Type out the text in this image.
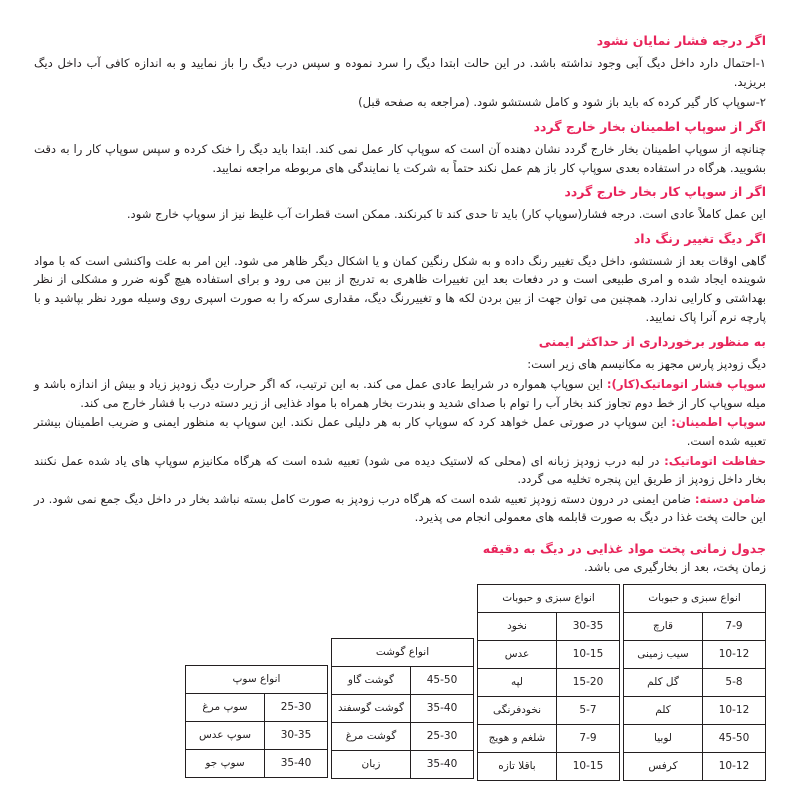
اگر درجه فشار نمایان نشود

۱-احتمال دارد داخل دیگ آبی وجود نداشته باشد. در این حالت ابتدا دیگ را سرد نموده و سپس درب دیگ را باز نمایید و به اندازه کافی آب داخل دیگ بریزید.

۲-سوپاپ کار گیر کرده که باید باز شود و کامل شستشو شود. (مراجعه به صفحه قبل)

اگر از سوپاپ اطمینان بخار خارج گردد

چنانچه از سوپاپ اطمینان بخار خارج گردد نشان دهنده آن است که سوپاپ کار عمل نمی کند. ابتدا باید دیگ را خنک کرده و سپس سوپاپ کار را به دقت بشویید. هرگاه در استفاده بعدی سوپاپ کار باز هم عمل نکند حتماً به شرکت یا نمایندگی های مربوطه مراجعه نمایید.

اگر از سوپاپ کار بخار خارج گردد

این عمل کاملاً عادی است. درجه فشار(سوپاپ کار) باید تا حدی کند تا کبرنکند. ممکن است قطرات آب غلیظ نیز از سوپاپ خارج شود.

اگر دیگ تغییر رنگ داد

گاهی اوقات بعد از شستشو، داخل دیگ تغییر رنگ داده و به شکل رنگین کمان و یا اشکال دیگر ظاهر می شود. این امر به علت واکنشی است که با مواد شوینده ایجاد شده و امری طبیعی است و در دفعات بعد این تغییرات ظاهری به تدریج از بین می رود و برای استفاده هیچ گونه ضرر و مشکلی از نظر بهداشتی و کارایی ندارد. همچنین می توان جهت از بین بردن لکه ها و تغییررنگ دیگ، مقداری سرکه را به صورت اسپری روی وسیله مورد نظر بپاشید و با پارچه نرم آنرا پاک نمایید.

به منظور برخورداری از حداکثر ایمنی

دیگ زودپز پارس مجهز به مکانیسم های زیر است:

سوپاپ فشار اتوماتیک(کار): این سوپاپ همواره در شرایط عادی عمل می کند. به این ترتیب، که اگر حرارت دیگ زودپز زیاد و بیش از اندازه باشد و میله سوپاپ کار از خط دوم تجاوز کند بخار آب را توام با صدای شدید و بندرت بخار همراه با مواد غذایی از زیر دسته درب با فشار خارج می کند.

سوپاپ اطمینان: این سوپاپ در صورتی عمل خواهد کرد که سوپاپ کار به هر دلیلی عمل نکند. این سوپاپ به منظور ایمنی و ضریب اطمینان بیشتر تعبیه شده است.

حفاظت اتوماتیک: در لبه درب زودپز زبانه ای (محلی که لاستیک دیده می شود) تعبیه شده است که هرگاه مکانیزم سوپاپ های یاد شده عمل نکنند بخار داخل زودپز از طریق این پنجره تخلیه می گردد.

ضامن دسته: ضامن ایمنی در درون دسته زودپز تعبیه شده است که هرگاه درب زودپز به صورت کامل بسته نباشد بخار در داخل دیگ جمع نمی شود. در این حالت پخت غذا در دیگ به صورت قابلمه های معمولی انجام می پذیرد.

جدول زمانی پخت مواد غذایی در دیگ به دقیقه
زمان پخت، بعد از بخارگیری می باشد.
انواع سوپ	
25-30	سوپ مرغ
30-35	سوپ عدس
35-40	سوپ جو
انواع گوشت	
45-50	گوشت گاو
35-40	گوشت گوسفند
25-30	گوشت مرغ
35-40	زبان
انواع سبزی و حبوبات	
30-35	نخود
10-15	عدس
15-20	لپه
5-7	نخودفرنگی
7-9	شلغم و هویج
10-15	باقلا تازه
انواع سبزی و حبوبات	
7-9	قارچ
10-12	سیب زمینی
5-8	گل کلم
10-12	کلم
45-50	لوبیا
10-12	کرفس
